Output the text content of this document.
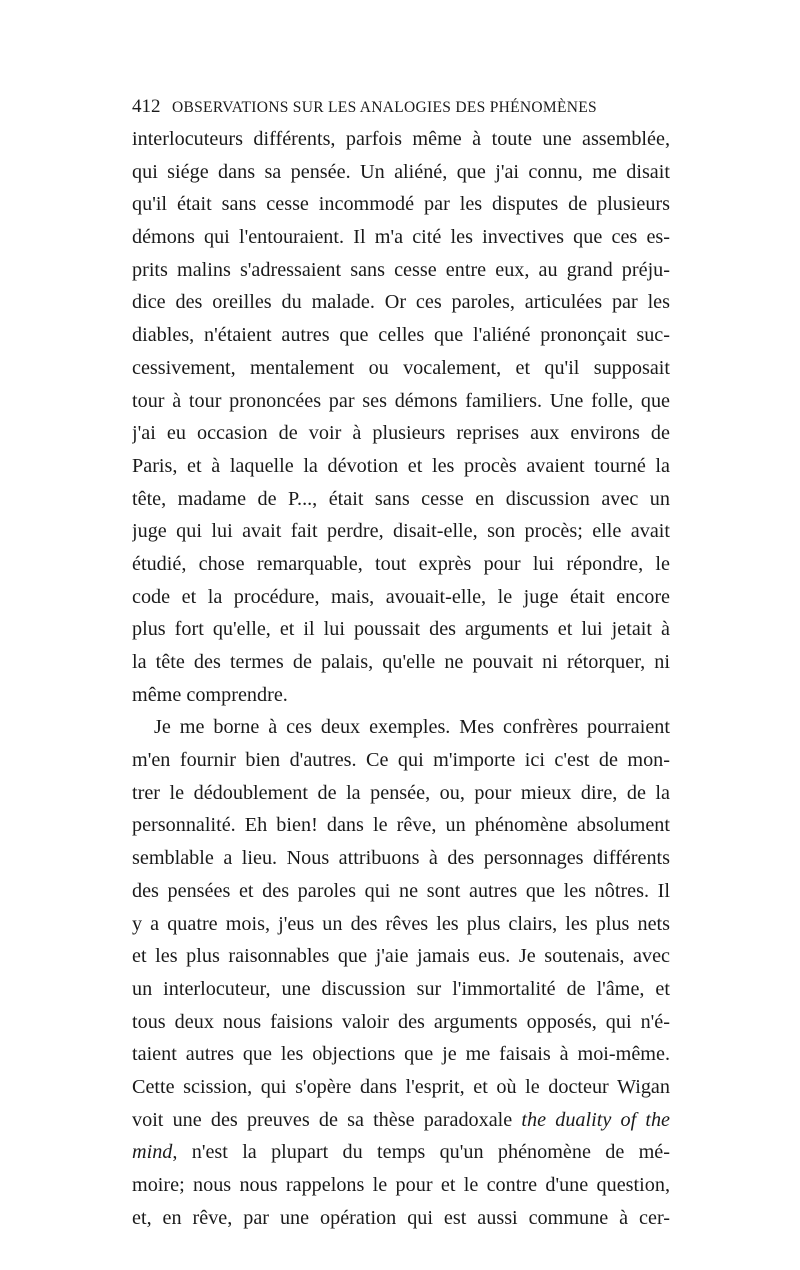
412 OBSERVATIONS SUR LES ANALOGIES DES PHÉNOMÈNES
interlocuteurs différents, parfois même à toute une assemblée,
qui siége dans sa pensée. Un aliéné, que j'ai connu, me disait
qu'il était sans cesse incommodé par les disputes de plusieurs
démons qui l'entouraient. Il m'a cité les invectives que ces es-
prits malins s'adressaient sans cesse entre eux, au grand préju-
dice des oreilles du malade. Or ces paroles, articulées par les
diables, n'étaient autres que celles que l'aliéné prononçait suc-
cessivement, mentalement ou vocalement, et qu'il supposait
tour à tour prononcées par ses démons familiers. Une folle, que
j'ai eu occasion de voir à plusieurs reprises aux environs de
Paris, et à laquelle la dévotion et les procès avaient tourné la
tête, madame de P..., était sans cesse en discussion avec un
juge qui lui avait fait perdre, disait-elle, son procès; elle avait
étudié, chose remarquable, tout exprès pour lui répondre, le
code et la procédure, mais, avouait-elle, le juge était encore
plus fort qu'elle, et il lui poussait des arguments et lui jetait à
la tête des termes de palais, qu'elle ne pouvait ni rétorquer, ni
même comprendre.
Je me borne à ces deux exemples. Mes confrères pourraient
m'en fournir bien d'autres. Ce qui m'importe ici c'est de mon-
trer le dédoublement de la pensée, ou, pour mieux dire, de la
personnalité. Eh bien! dans le rêve, un phénomène absolument
semblable a lieu. Nous attribuons à des personnages différents
des pensées et des paroles qui ne sont autres que les nôtres. Il
y a quatre mois, j'eus un des rêves les plus clairs, les plus nets
et les plus raisonnables que j'aie jamais eus. Je soutenais, avec
un interlocuteur, une discussion sur l'immortalité de l'âme, et
tous deux nous faisions valoir des arguments opposés, qui n'é-
taient autres que les objections que je me faisais à moi-même.
Cette scission, qui s'opère dans l'esprit, et où le docteur Wigan
voit une des preuves de sa thèse paradoxale the duality of the
mind, n'est la plupart du temps qu'un phénomène de mé-
moire; nous nous rappelons le pour et le contre d'une question,
et, en rêve, par une opération qui est aussi commune à cer-
